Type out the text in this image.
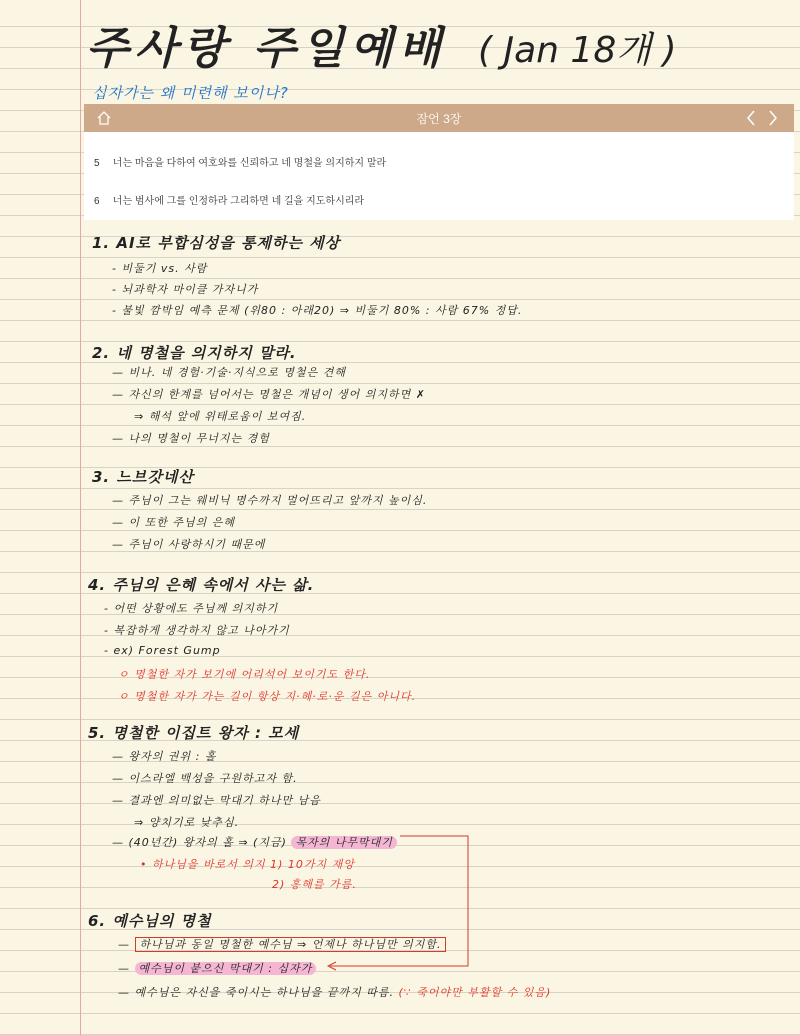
주사랑 주일예배 ( Jan 18개 )
십자가는 왜 미련해 보이나?
잠언 3장
5 너는 마음을 다하여 여호와를 신뢰하고 네 명철을 의지하지 말라
6 너는 범사에 그를 인정하라 그리하면 네 길을 지도하시리라
1. AI로 부합심성을 통제하는 세상
- 비둘기 vs. 사람
- 뇌과학자 마이클 가자니가
- 불빛 깜박임 예측 문제 (위80 : 아래20) ⇒ 비둘기 80% : 사람 67% 정답.
2. 네 명철을 의지하지 말라.
— 비나. 네 경험·기술·지식으로 명철은 견해
— 자신의 한계를 넘어서는 명철은 개념이 생어 의지하면 ✗
⇒ 해석 앞에 위태로움이 보여짐.
— 나의 명철이 무너지는 경험
3. 느브갓네산
— 주님이 그는 웨비닉 명수까지 멀어뜨리고 앞까지 높이심.
— 이 또한 주님의 은혜
— 주님이 사랑하시기 때문에
4. 주님의 은혜 속에서 사는 삶.
- 어떤 상황에도 주님께 의지하기
- 복잡하게 생각하지 않고 나아가기
- ex) Forest Gump
ㅇ 명철한 자가 보기에 어리석어 보이기도 한다.
ㅇ 명철한 자가 가는 길이 항상 지·혜·로·운 길은 아니다.
5. 명철한 이집트 왕자 : 모세
— 왕자의 권위 : 홀
— 이스라엘 백성을 구원하고자 함.
— 결과엔 의미없는 막대기 하나만 남음
⇒ 양치기로 낮추심.
— (40년간) 왕자의 홀 ⇒ (지금) 목자의 나무막대기
• 하나님을 바로서 의지 1) 10가지 재앙
2) 홍해를 가름.
6. 예수님의 명철
— 하나님과 동일 명철한 예수님 ⇒ 언제나 하나님만 의지함.
— 예수님이 붙으신 막대기 : 십자가
— 예수님은 자신을 죽이시는 하나님을 끝까지 따름. (∵ 죽어야만 부활할 수 있음)
